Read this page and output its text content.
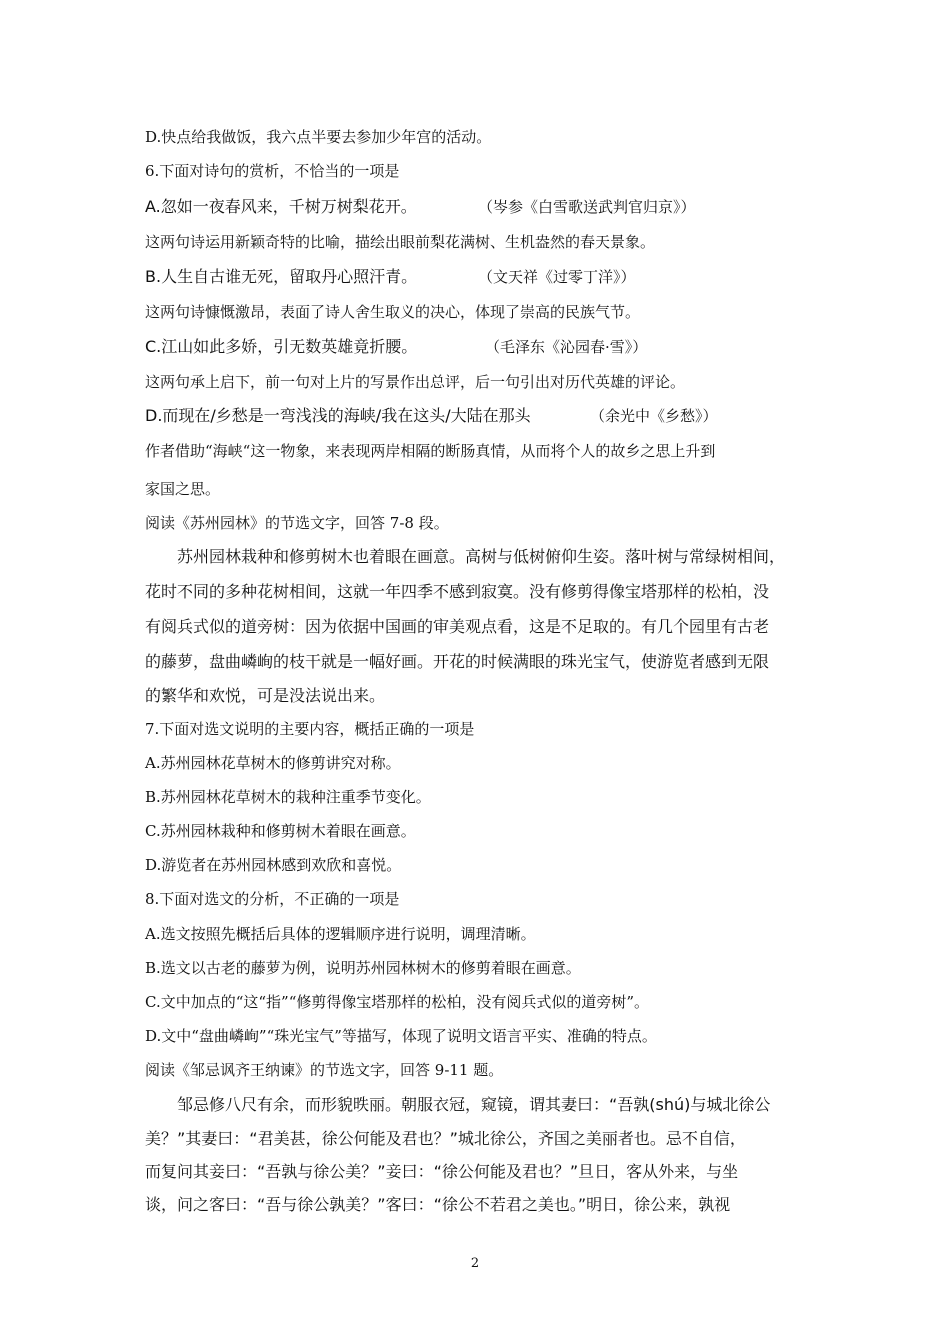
D.快点给我做饭，我六点半要去参加少年宫的活动。
6.下面对诗句的赏析，不恰当的一项是
A.忽如一夜春风来，千树万树梨花开。	（岑参《白雪歌送武判官归京》）
这两句诗运用新颖奇特的比喻，描绘出眼前梨花满树、生机盎然的春天景象。
B.人生自古谁无死，留取丹心照汗青。	（文天祥《过零丁洋》）
这两句诗慷慨激昂，表面了诗人舍生取义的决心，体现了崇高的民族气节。
C.江山如此多娇，引无数英雄竟折腰。	（毛泽东《沁园春·雪》）
这两句承上启下，前一句对上片的写景作出总评，后一句引出对历代英雄的评论。
D.而现在/乡愁是一弯浅浅的海峡/我在这头/大陆在那头	（余光中《乡愁》）
作者借助“海峡“这一物象，来表现两岸相隔的断肠真情，从而将个人的故乡之思上升到
家国之思。
阅读《苏州园林》的节选文字，回答 7-8 段。
苏州园林栽种和修剪树木也着眼在画意。高树与低树俯仰生姿。落叶树与常绿树相间，
花时不同的多种花树相间，这就一年四季不感到寂寞。没有修剪得像宝塔那样的松柏，没
有阅兵式似的道旁树：因为依据中国画的审美观点看，这是不足取的。有几个园里有古老
的藤萝，盘曲嶙峋的枝干就是一幅好画。开花的时候满眼的珠光宝气，使游览者感到无限
的繁华和欢悦，可是没法说出来。
7.下面对选文说明的主要内容，概括正确的一项是
A.苏州园林花草树木的修剪讲究对称。
B.苏州园林花草树木的栽种注重季节变化。
C.苏州园林栽种和修剪树木着眼在画意。
D.游览者在苏州园林感到欢欣和喜悦。
8.下面对选文的分析，不正确的一项是
A.选文按照先概括后具体的逻辑顺序进行说明，调理清晰。
B.选文以古老的藤萝为例，说明苏州园林树木的修剪着眼在画意。
C.文中加点的“这“指”“修剪得像宝塔那样的松柏，没有阅兵式似的道旁树”。
D.文中“盘曲嶙峋”“珠光宝气”等描写，体现了说明文语言平实、准确的特点。
阅读《邹忌讽齐王纳谏》的节选文字，回答 9-11 题。
邹忌修八尺有余，而形貌昳丽。朝服衣冠，窥镜，谓其妻曰：“吾孰(shú)与城北徐公
美？”其妻曰：“君美甚，徐公何能及君也？”城北徐公，齐国之美丽者也。忌不自信，
而复问其妾曰：“吾孰与徐公美？”妾曰：“徐公何能及君也？”旦日，客从外来，与坐
谈，问之客曰：“吾与徐公孰美？”客曰：“徐公不若君之美也。”明日，徐公来，孰视
2
